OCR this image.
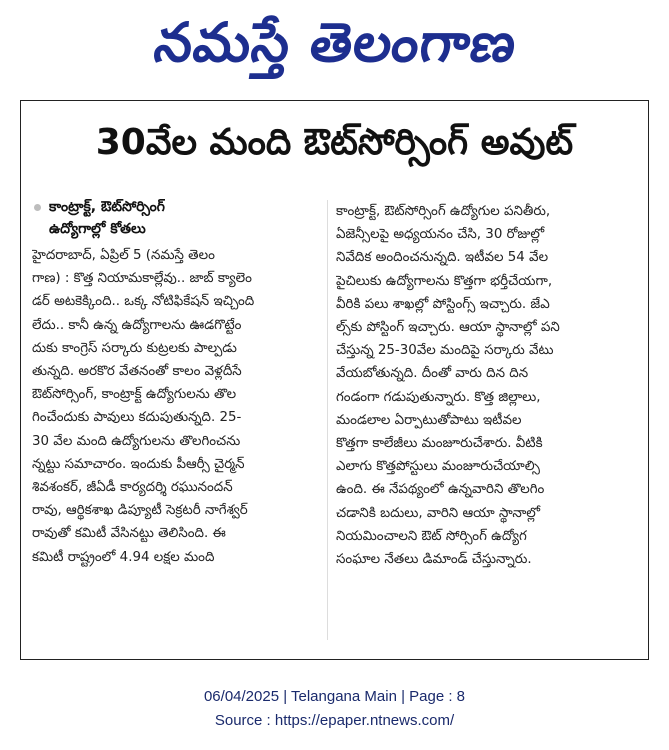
నమస్తే తెలంగాణ
30వేల మంది ఔట్‌సోర్సింగ్ అవుట్
కాంట్రాక్ట్, ఔట్‌సోర్సింగ్
ఉద్యోగాల్లో కోతలు
హైదరాబాద్, ఏప్రిల్ 5 (నమస్తే తెలం
గాణ) : కొత్త నియామకాల్లేవు.. జాబ్ క్యాలెం
డర్ అటకెక్కింది.. ఒక్క నోటిఫికేషన్ ఇచ్చింది
లేదు.. కానీ ఉన్న ఉద్యోగాలను ఊడగొట్టేం
దుకు కాంగ్రెస్ సర్కారు కుట్రలకు పాల్పడు
తున్నది. అరకొర వేతనంతో కాలం వెళ్లదీసే
ఔట్‌సోర్సింగ్, కాంట్రాక్ట్ ఉద్యోగులను తొల
గించేందుకు పావులు కదుపుతున్నది. 25-
30 వేల మంది ఉద్యోగులను తొలగించను
న్నట్టు సమాచారం. ఇందుకు పీఆర్సీ చైర్మన్
శివశంకర్, జీఏడీ కార్యదర్శి రఘునందన్
రావు, ఆర్థికశాఖ డిప్యూటీ సెక్రటరీ నాగేశ్వర్
రావుతో కమిటీ వేసినట్టు తెలిసింది. ఈ
కమిటీ రాష్ట్రంలో 4.94 లక్షల మంది
కాంట్రాక్ట్, ఔట్‌సోర్సింగ్ ఉద్యోగుల పనితీరు,
ఏజెన్సీలపై అధ్యయనం చేసి, 30 రోజుల్లో
నివేదిక అందించనున్నది. ఇటీవల 54 వేల
పైచిలుకు ఉద్యోగాలను కొత్తగా భర్తీచేయగా,
వీరికి పలు శాఖల్లో పోస్టింగ్స్ ఇచ్చారు. జేఎ
ల్స్‌కు పోస్టింగ్ ఇచ్చారు. ఆయా స్థానాల్లో పని
చేస్తున్న 25-30వేల మందిపై సర్కారు వేటు
వేయబోతున్నది. దీంతో వారు దిన దిన
గండంగా గడుపుతున్నారు. కొత్త జిల్లాలు,
మండలాల ఏర్పాటుతోపాటు ఇటీవల
కొత్తగా కాలేజీలు మంజూరుచేశారు. వీటికి
ఎలాగు కొత్తపోస్టులు మంజూరుచేయాల్సి
ఉంది. ఈ నేపథ్యంలో ఉన్నవారిని తొలగిం
చడానికి బదులు, వారిని ఆయా స్థానాల్లో
నియమించాలని ఔట్ సోర్సింగ్ ఉద్యోగ
సంఘాల నేతలు డిమాండ్ చేస్తున్నారు.
06/04/2025 | Telangana Main | Page : 8
Source : https://epaper.ntnews.com/
